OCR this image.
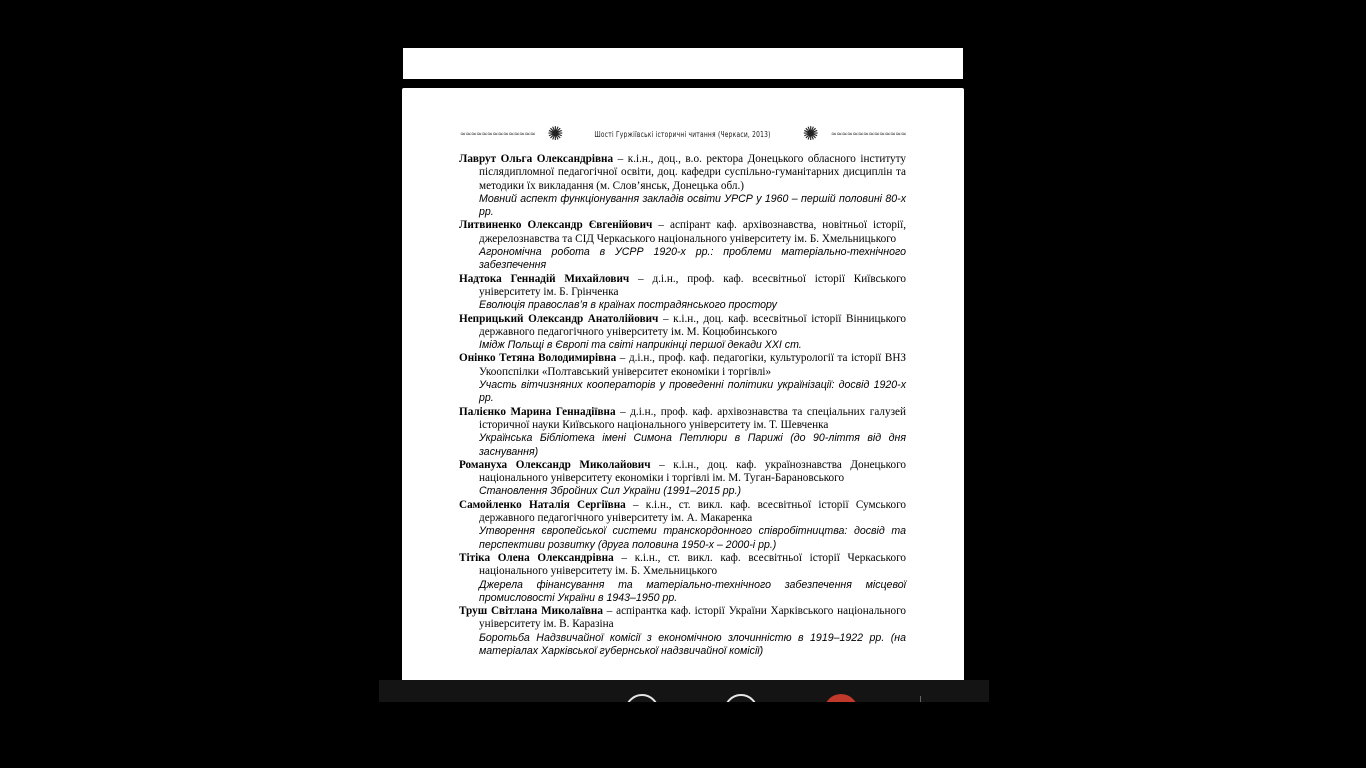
≈≈≈≈≈≈≈≈≈≈≈≈≈≈ ✺	Шості Гуржіївські історичні читання (Черкаси, 2013) ✺ ≈≈≈≈≈≈≈≈≈≈≈≈≈≈

Лаврут Ольга Олександрівна – к.і.н., доц., в.о. ректора Донецького обласного інституту післядипломної педагогічної освіти, доц. кафедри суспільно-гуманітарних дисциплін та методики їх викладання (м. Слов’янськ, Донецька обл.)

Мовний аспект функціонування закладів освіти УРСР у 1960 – першій половині 80-х рр.

Литвиненко Олександр Євгенійович – аспірант каф. архівознавства, новітньої історії, джерелознавства та СІД Черкаського національного університету ім. Б. Хмельницького

Агрономічна робота в УСРР 1920-х рр.: проблеми матеріально-технічного забезпечення

Надтока Геннадій Михайлович – д.і.н., проф. каф. всесвітньої історії Київського університету ім. Б. Грінченка

Еволюція православ’я в країнах пострадянського простору

Неприцький Олександр Анатолійович – к.і.н., доц. каф. всесвітньої історії Вінницького державного педагогічного університету ім. М. Коцюбинського

Імідж Польщі в Європі та світі наприкінці першої декади XXI ст.

Онінко Тетяна Володимирівна – д.і.н., проф. каф. педагогіки, культурології та історії ВНЗ Укоопспілки «Полтавський університет економіки і торгівлі»

Участь вітчизняних кооператорів у проведенні політики українізації: досвід 1920-х рр.

Палієнко Марина Геннадіївна – д.і.н., проф. каф. архівознавства та спеціальних галузей історичної науки Київського національного університету ім. Т. Шевченка

Українська Бібліотека імені Симона Петлюри в Парижі (до 90-ліття від дня заснування)

Романуха Олександр Миколайович – к.і.н., доц. каф. українознавства Донецького національного університету економіки і торгівлі ім. М. Туган-Барановського

Становлення Збройних Сил України (1991–2015 рр.)

Самойленко Наталія Сергіївна – к.і.н., ст. викл. каф. всесвітньої історії Сумського державного педагогічного університету ім. А. Макаренка

Утворення європейської системи транскордонного співробітництва: досвід та перспективи розвитку (друга половина 1950-х – 2000-і рр.)

Тітіка Олена Олександрівна – к.і.н., ст. викл. каф. всесвітньої історії Черкаського національного університету ім. Б. Хмельницького

Джерела фінансування та матеріально-технічного забезпечення місцевої промисловості України в 1943–1950 рр.

Труш Світлана Миколаївна – аспірантка каф. історії України Харківського національного університету ім. В. Каразіна

Боротьба Надзвичайної комісії з економічною злочинністю в 1919–1922 рр. (на матеріалах Харківської губернської надзвичайної комісії)
